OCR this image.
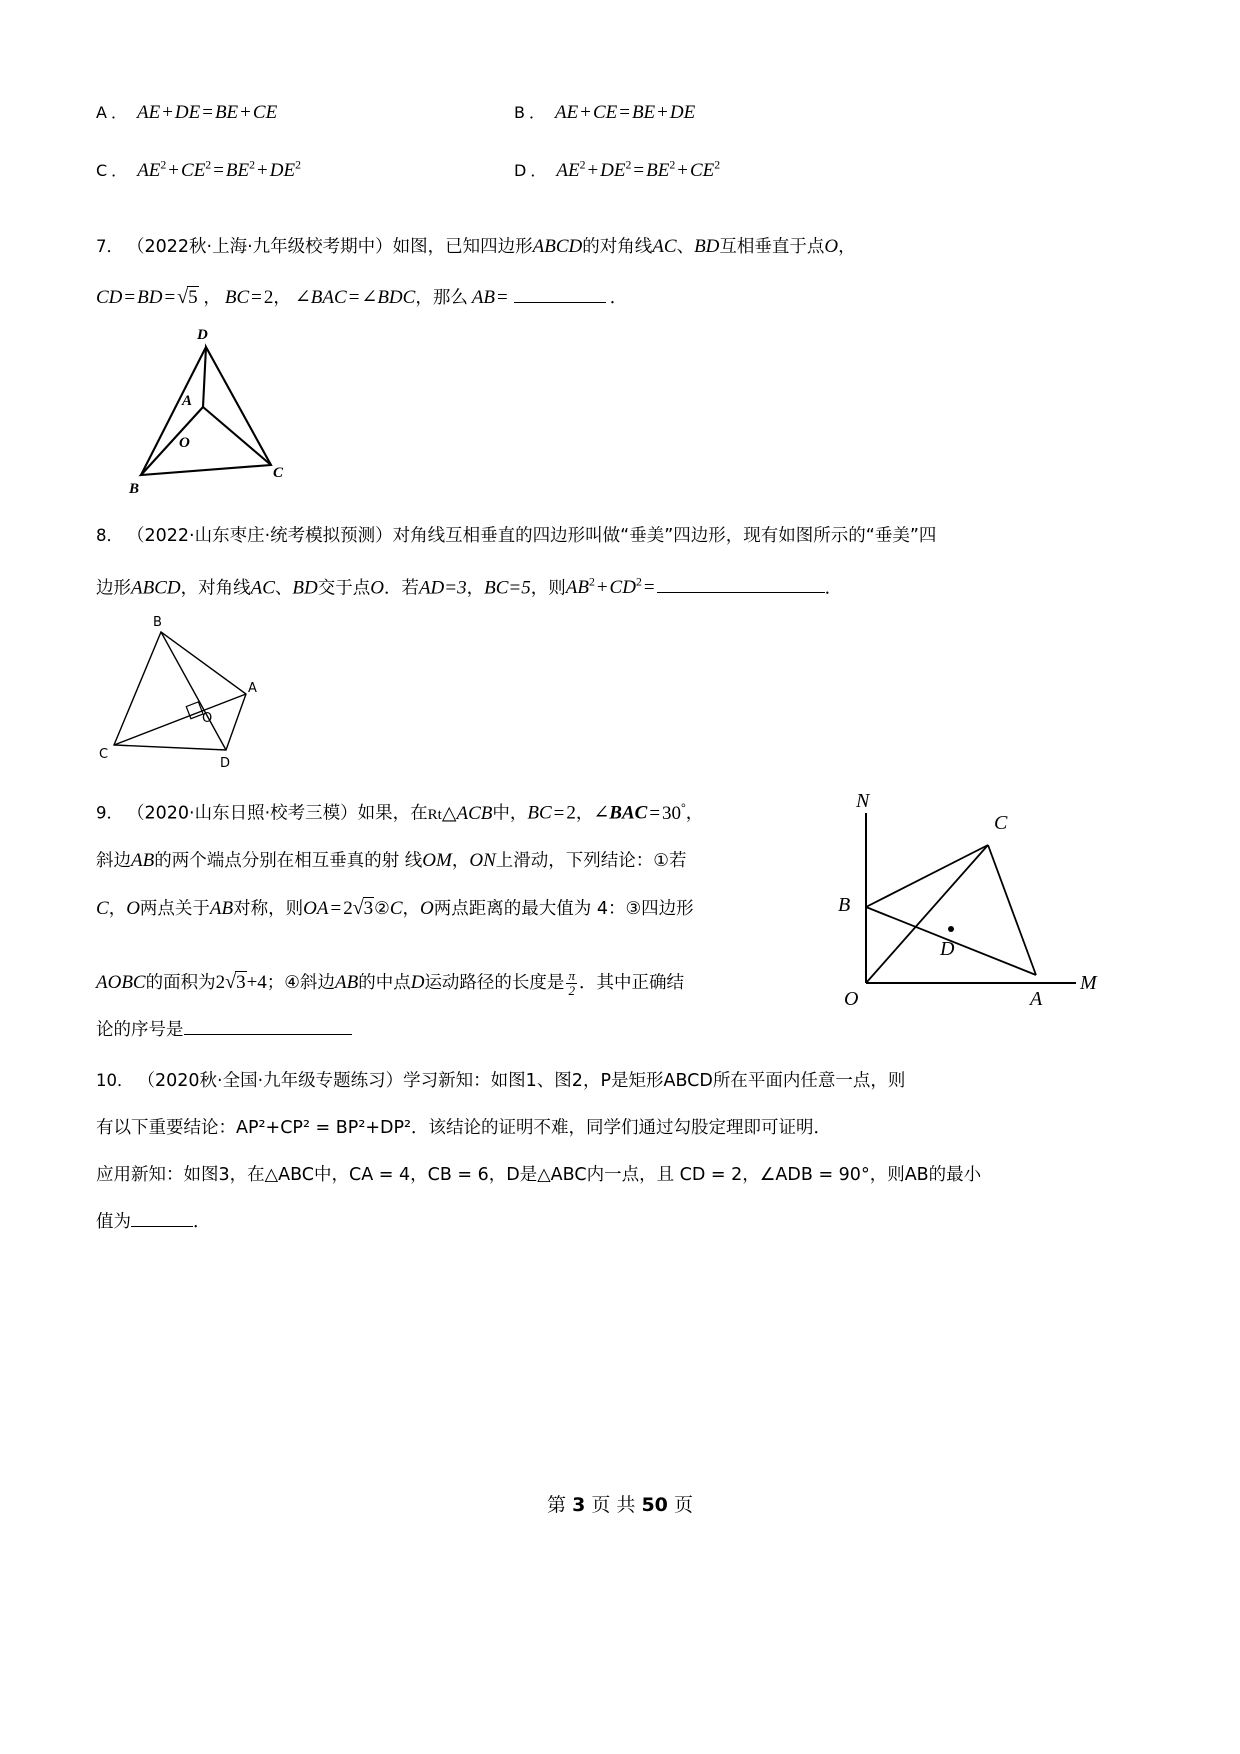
A ． AE + DE = BE + CE	B ． AE + CE = BE + DE
C ． $AE^2 + CE^2 = BE^2 + DE^2$	D ． $AE^2 + DE^2 = BE^2 + CE^2$
7． （2022秋·上海·九年级校考期中）如图，已知四边形ABCD的对角线AC、BD互相垂直于点O，
CD = BD = √5 ， BC = 2， ∠BAC = ∠BDC，那么 AB =	．
D
A
O
B
C
8． （2022·山东枣庄·统考模拟预测）对角线互相垂直的四边形叫做“垂美”四边形，现有如图所示的“垂美”四
边形ABCD，对角线AC、BD交于点O．若AD=3，BC=5，则$AB^2 + CD^2$ =	．
B
A
O
C
D
9． （2020·山东日照·校考三模）如果，在Rt△ACB中，BC = 2，∠BAC = 30°，
斜边AB的两个端点分别在相互垂真的射 线OM，ON上滑动，下列结论：①若
C，O两点关于AB对称，则OA = 2√3②C，O两点距离的最大值为 4：③四边形
AOBC的面积为2√3+4；④斜边AB的中点D运动路径的长度是 $\frac{\pi}{2}$ ．其中正确结
论的序号是
N
C
B
D
O	A
M
10． （2020秋·全国·九年级专题练习）学习新知：如图1、图2，P是矩形ABCD所在平面内任意一点，则
有以下重要结论：AP²+CP² = BP²+DP²．该结论的证明不难，同学们通过勾股定理即可证明．
应用新知：如图3，在△ABC中，CA = 4，CB = 6，D是△ABC内一点，且 CD = 2，∠ADB = 90°，则AB的最小
值为	．
第 3 页 共 50 页
